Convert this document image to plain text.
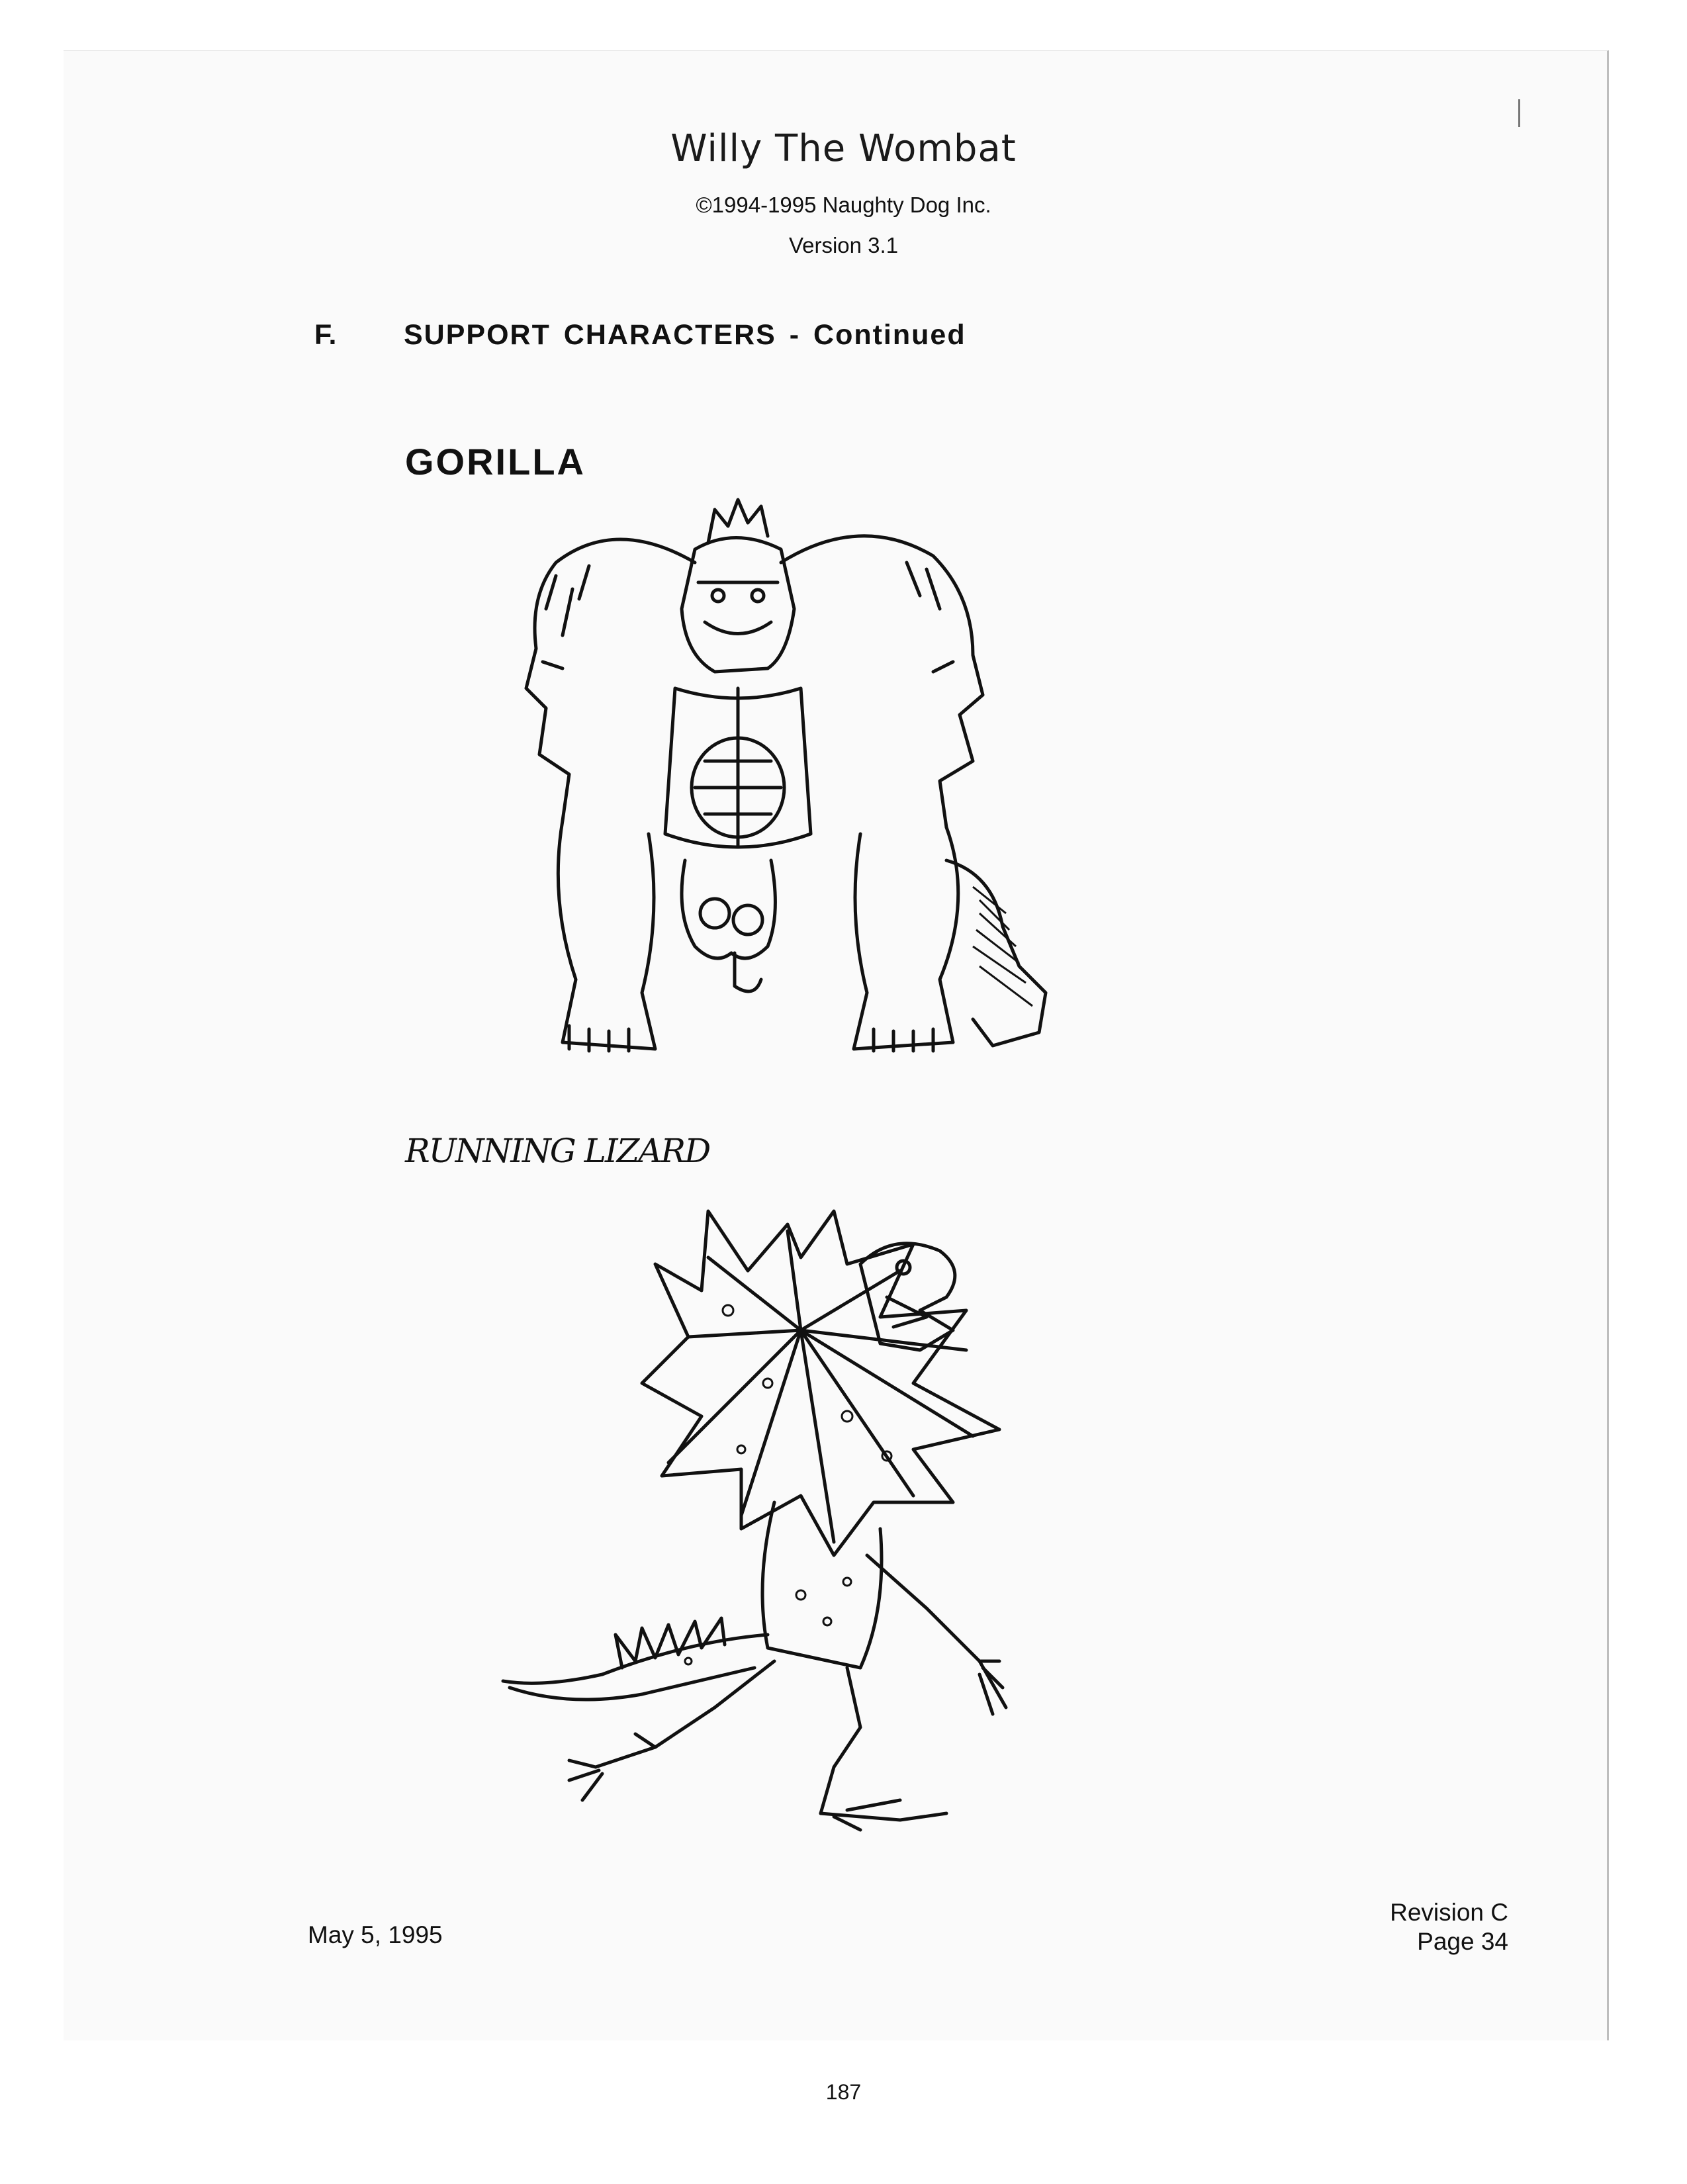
Willy The Wombat
©1994-1995 Naughty Dog Inc.
Version 3.1
F. SUPPORT CHARACTERS - Continued
GORILLA
RUNNING LIZARD
May 5, 1995
Revision C
Page 34
187
